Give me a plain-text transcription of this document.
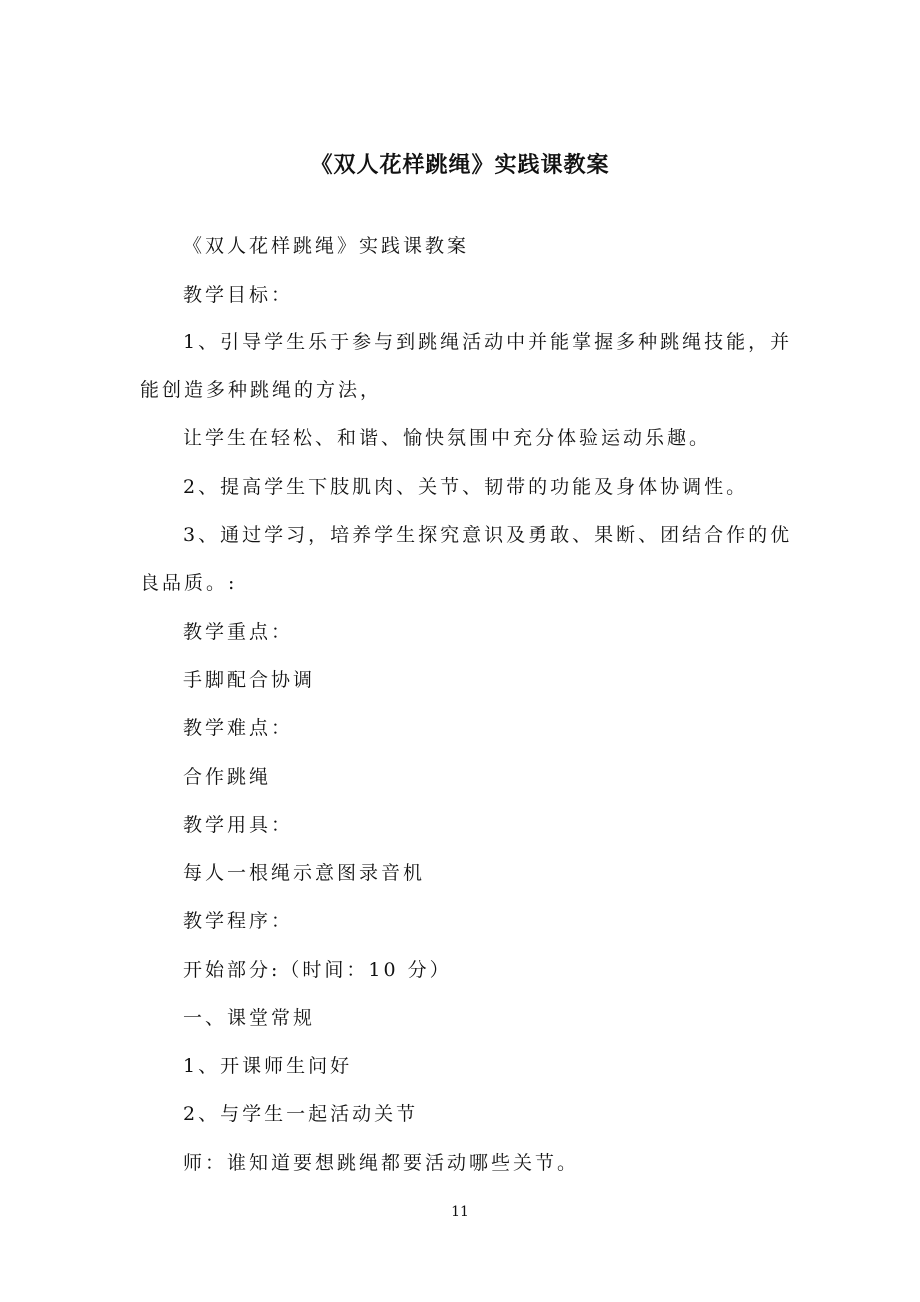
《双人花样跳绳》实践课教案

《双人花样跳绳》实践课教案

教学目标：

1、引导学生乐于参与到跳绳活动中并能掌握多种跳绳技能，并

能创造多种跳绳的方法，

让学生在轻松、和谐、愉快氛围中充分体验运动乐趣。

2、提高学生下肢肌肉、关节、韧带的功能及身体协调性。

3、通过学习，培养学生探究意识及勇敢、果断、团结合作的优

良品质。:

教学重点：

手脚配合协调

教学难点：

合作跳绳

教学用具：

每人一根绳示意图录音机

教学程序：

开始部分:（时间：10 分）

一、课堂常规

1、开课师生问好

2、与学生一起活动关节

师：谁知道要想跳绳都要活动哪些关节。

11
